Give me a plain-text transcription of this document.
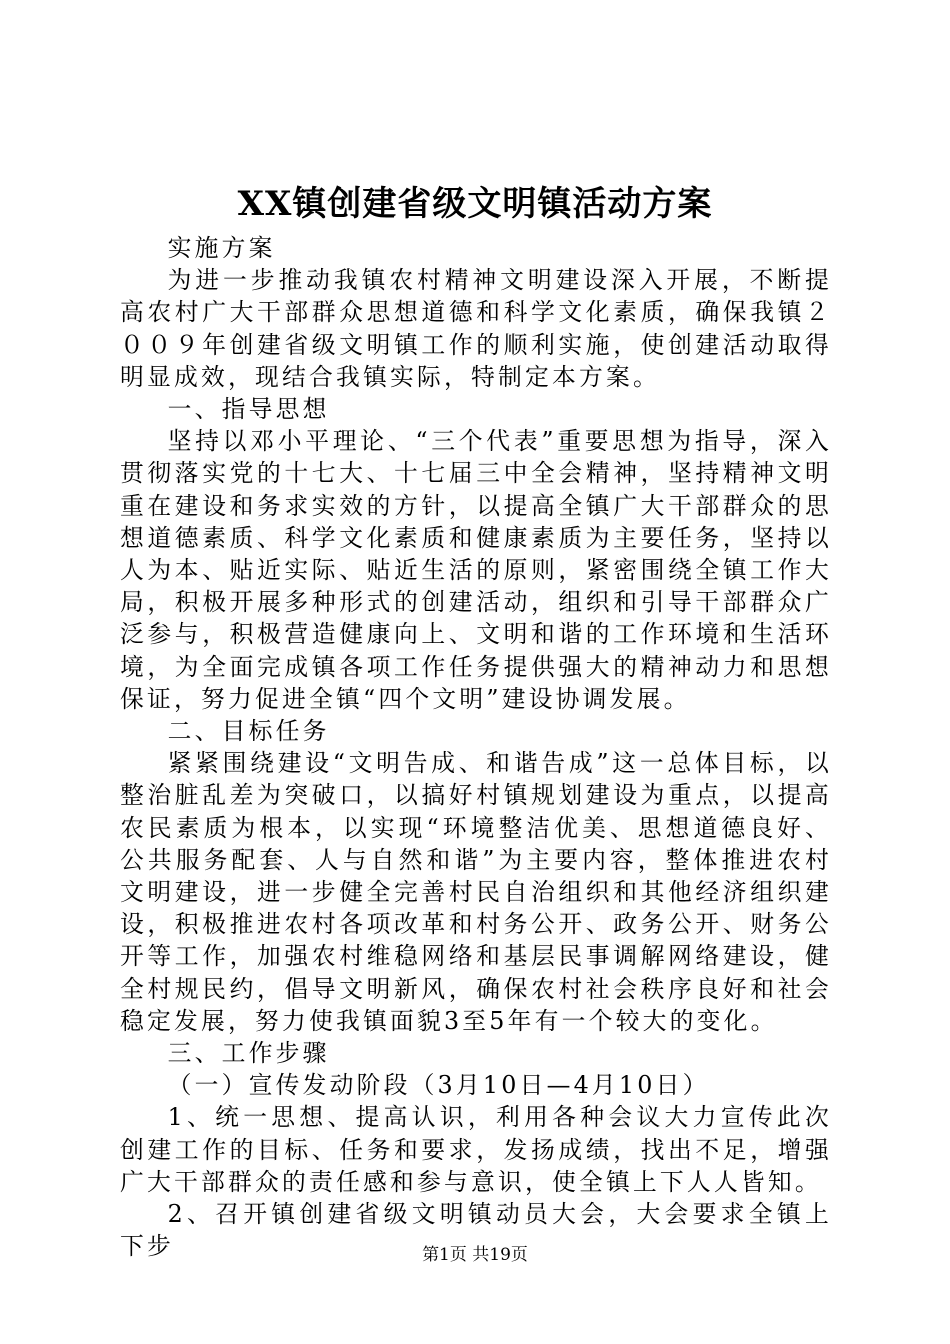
XX镇创建省级文明镇活动方案

实施方案

为进一步推动我镇农村精神文明建设深入开展，不断提高农村广大干部群众思想道德和科学文化素质，确保我镇２００９年创建省级文明镇工作的顺利实施，使创建活动取得明显成效，现结合我镇实际，特制定本方案。

一、指导思想

坚持以邓小平理论、“三个代表”重要思想为指导，深入贯彻落实党的十七大、十七届三中全会精神，坚持精神文明重在建设和务求实效的方针，以提高全镇广大干部群众的思想道德素质、科学文化素质和健康素质为主要任务，坚持以人为本、贴近实际、贴近生活的原则，紧密围绕全镇工作大局，积极开展多种形式的创建活动，组织和引导干部群众广泛参与，积极营造健康向上、文明和谐的工作环境和生活环境，为全面完成镇各项工作任务提供强大的精神动力和思想保证，努力促进全镇“四个文明”建设协调发展。

二、目标任务

紧紧围绕建设“文明告成、和谐告成”这一总体目标，以整治脏乱差为突破口，以搞好村镇规划建设为重点，以提高农民素质为根本，以实现“环境整洁优美、思想道德良好、公共服务配套、人与自然和谐”为主要内容，整体推进农村文明建设，进一步健全完善村民自治组织和其他经济组织建设，积极推进农村各项改革和村务公开、政务公开、财务公开等工作，加强农村维稳网络和基层民事调解网络建设，健全村规民约，倡导文明新风，确保农村社会秩序良好和社会稳定发展，努力使我镇面貌3至5年有一个较大的变化。

三、工作步骤

（一）宣传发动阶段（3月10日—4月10日）

1、统一思想、提高认识，利用各种会议大力宣传此次创建工作的目标、任务和要求，发扬成绩，找出不足，增强广大干部群众的责任感和参与意识，使全镇上下人人皆知。

2、召开镇创建省级文明镇动员大会，大会要求全镇上下步	第1页 共19页
